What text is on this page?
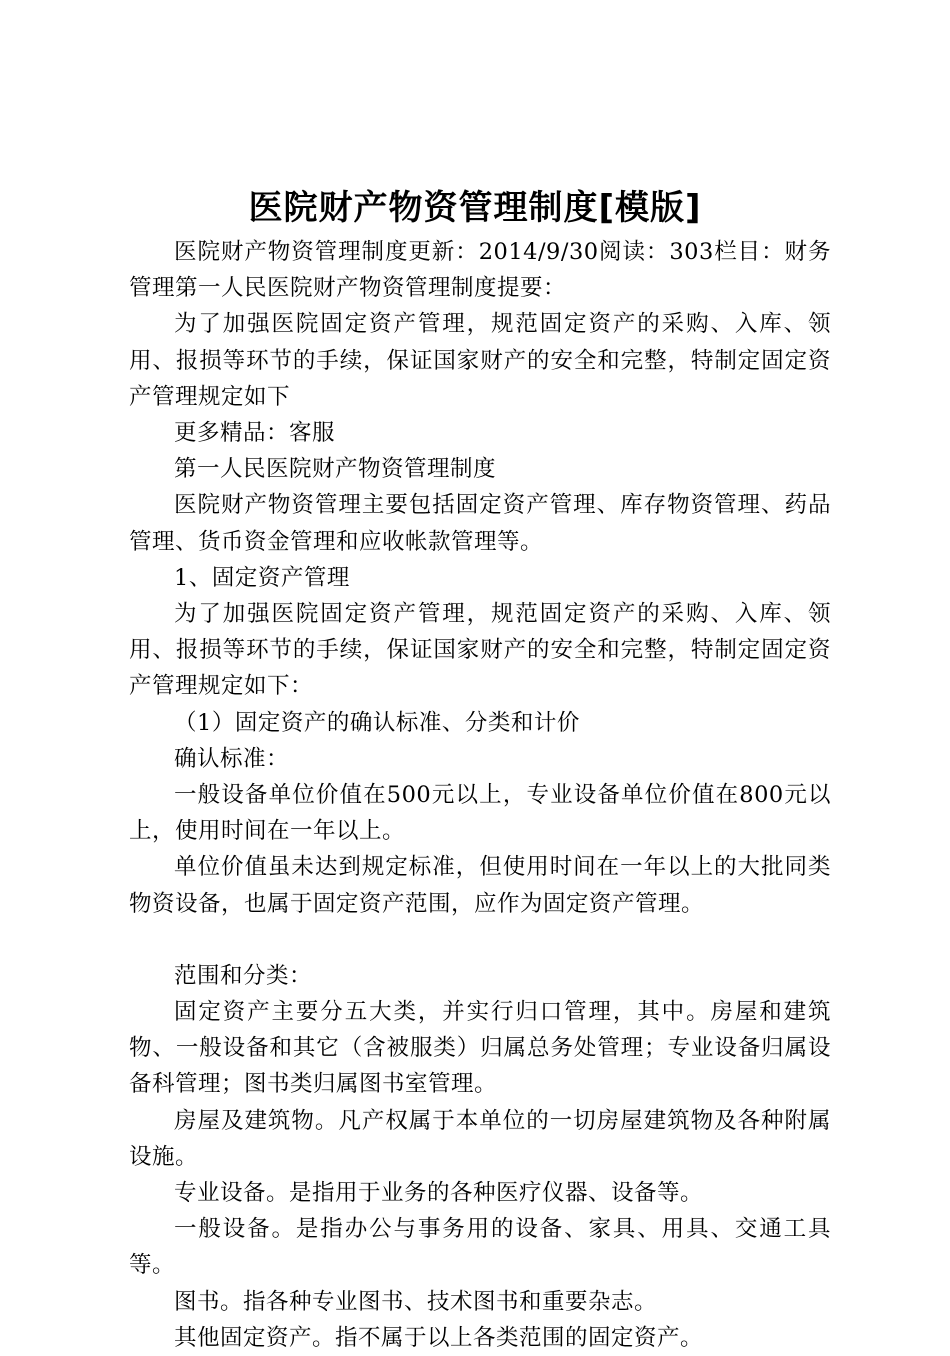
医院财产物资管理制度[模版]

医院财产物资管理制度更新：2014/9/30阅读：303栏目：财务管理第一人民医院财产物资管理制度提要：

为了加强医院固定资产管理，规范固定资产的采购、入库、领用、报损等环节的手续，保证国家财产的安全和完整，特制定固定资产管理规定如下

更多精品：客服

第一人民医院财产物资管理制度

医院财产物资管理主要包括固定资产管理、库存物资管理、药品管理、货币资金管理和应收帐款管理等。

1、固定资产管理

为了加强医院固定资产管理，规范固定资产的采购、入库、领用、报损等环节的手续，保证国家财产的安全和完整，特制定固定资产管理规定如下：

（1）固定资产的确认标准、分类和计价

确认标准：

一般设备单位价值在500元以上，专业设备单位价值在800元以上，使用时间在一年以上。

单位价值虽未达到规定标准，但使用时间在一年以上的大批同类物资设备，也属于固定资产范围，应作为固定资产管理。

范围和分类：

固定资产主要分五大类，并实行归口管理，其中。房屋和建筑物、一般设备和其它（含被服类）归属总务处管理；专业设备归属设备科管理；图书类归属图书室管理。

房屋及建筑物。凡产权属于本单位的一切房屋建筑物及各种附属设施。

专业设备。是指用于业务的各种医疗仪器、设备等。

一般设备。是指办公与事务用的设备、家具、用具、交通工具等。

图书。指各种专业图书、技术图书和重要杂志。

其他固定资产。指不属于以上各类范围的固定资产。
